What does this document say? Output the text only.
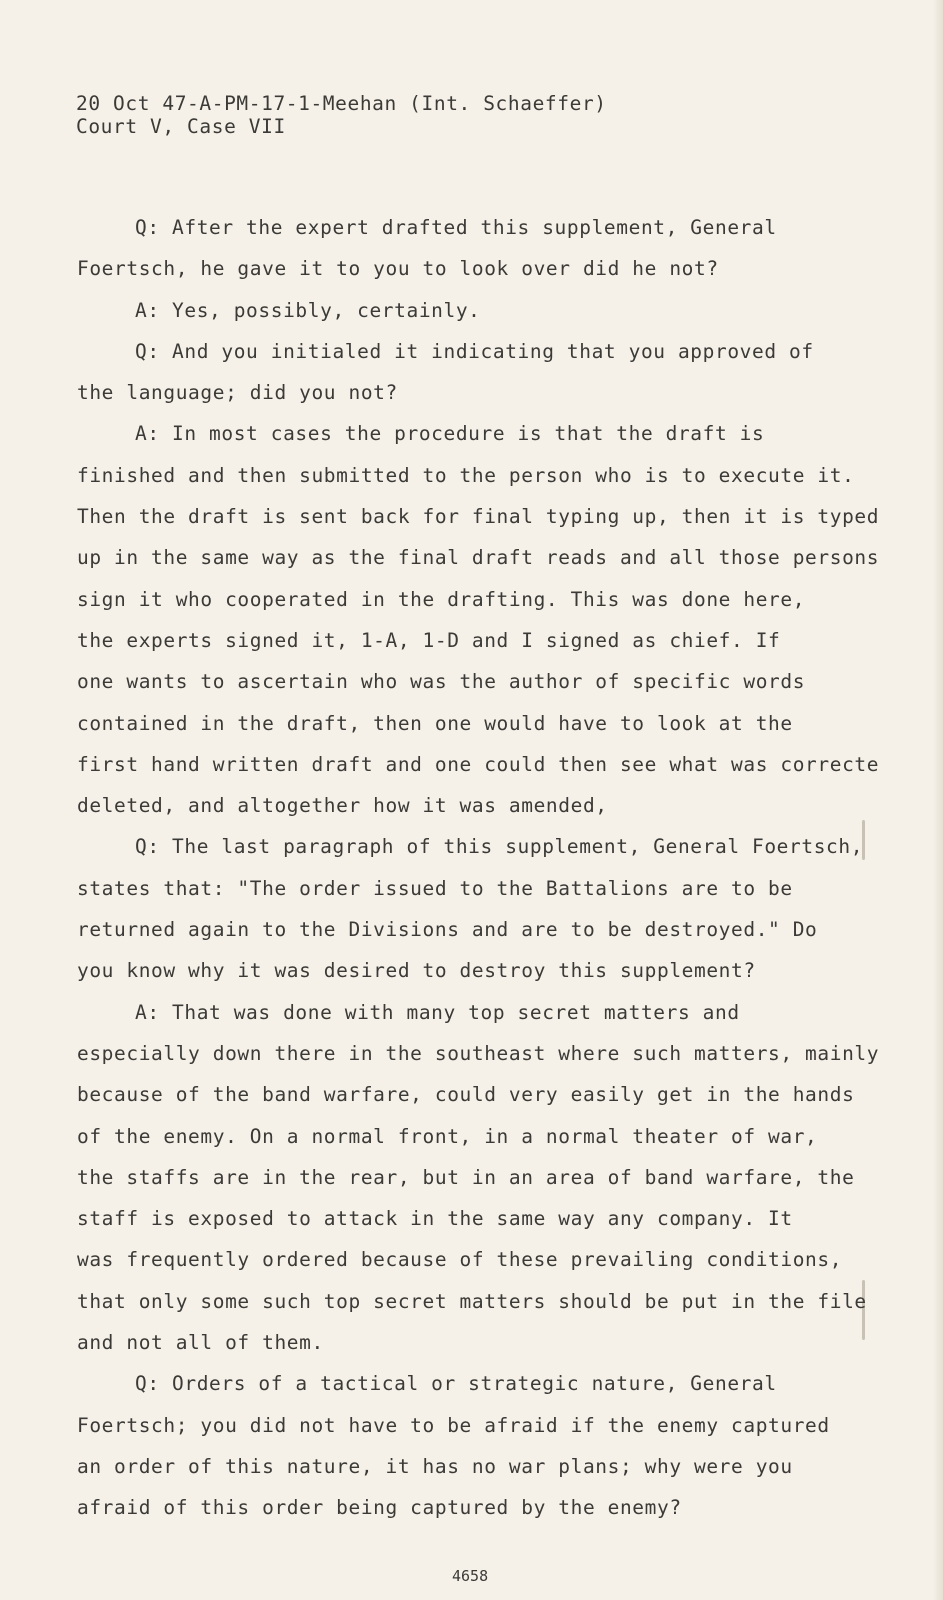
20 Oct 47-A-PM-17-1-Meehan (Int. Schaeffer)
Court V, Case VII
Q: After the expert drafted this supplement, General
Foertsch, he gave it to you to look over did he not?
A: Yes, possibly, certainly.
Q: And you initialed it indicating that you approved of
the language; did you not?
A: In most cases the procedure is that the draft is
finished and then submitted to the person who is to execute it.
Then the draft is sent back for final typing up, then it is typed
up in the same way as the final draft reads and all those persons
sign it who cooperated in the drafting. This was done here,
the experts signed it, 1-A, 1-D and I signed as chief. If
one wants to ascertain who was the author of specific words
contained in the draft, then one would have to look at the
first hand written draft and one could then see what was correcte
deleted, and altogether how it was amended,
Q: The last paragraph of this supplement, General Foertsch,
states that: "The order issued to the Battalions are to be
returned again to the Divisions and are to be destroyed." Do
you know why it was desired to destroy this supplement?
A: That was done with many top secret matters and
especially down there in the southeast where such matters, mainly
because of the band warfare, could very easily get in the hands
of the enemy. On a normal front, in a normal theater of war,
the staffs are in the rear, but in an area of band warfare, the
staff is exposed to attack in the same way any company. It
was frequently ordered because of these prevailing conditions,
that only some such top secret matters should be put in the file
and not all of them.
Q: Orders of a tactical or strategic nature, General
Foertsch; you did not have to be afraid if the enemy captured
an order of this nature, it has no war plans; why were you
afraid of this order being captured by the enemy?
4658
